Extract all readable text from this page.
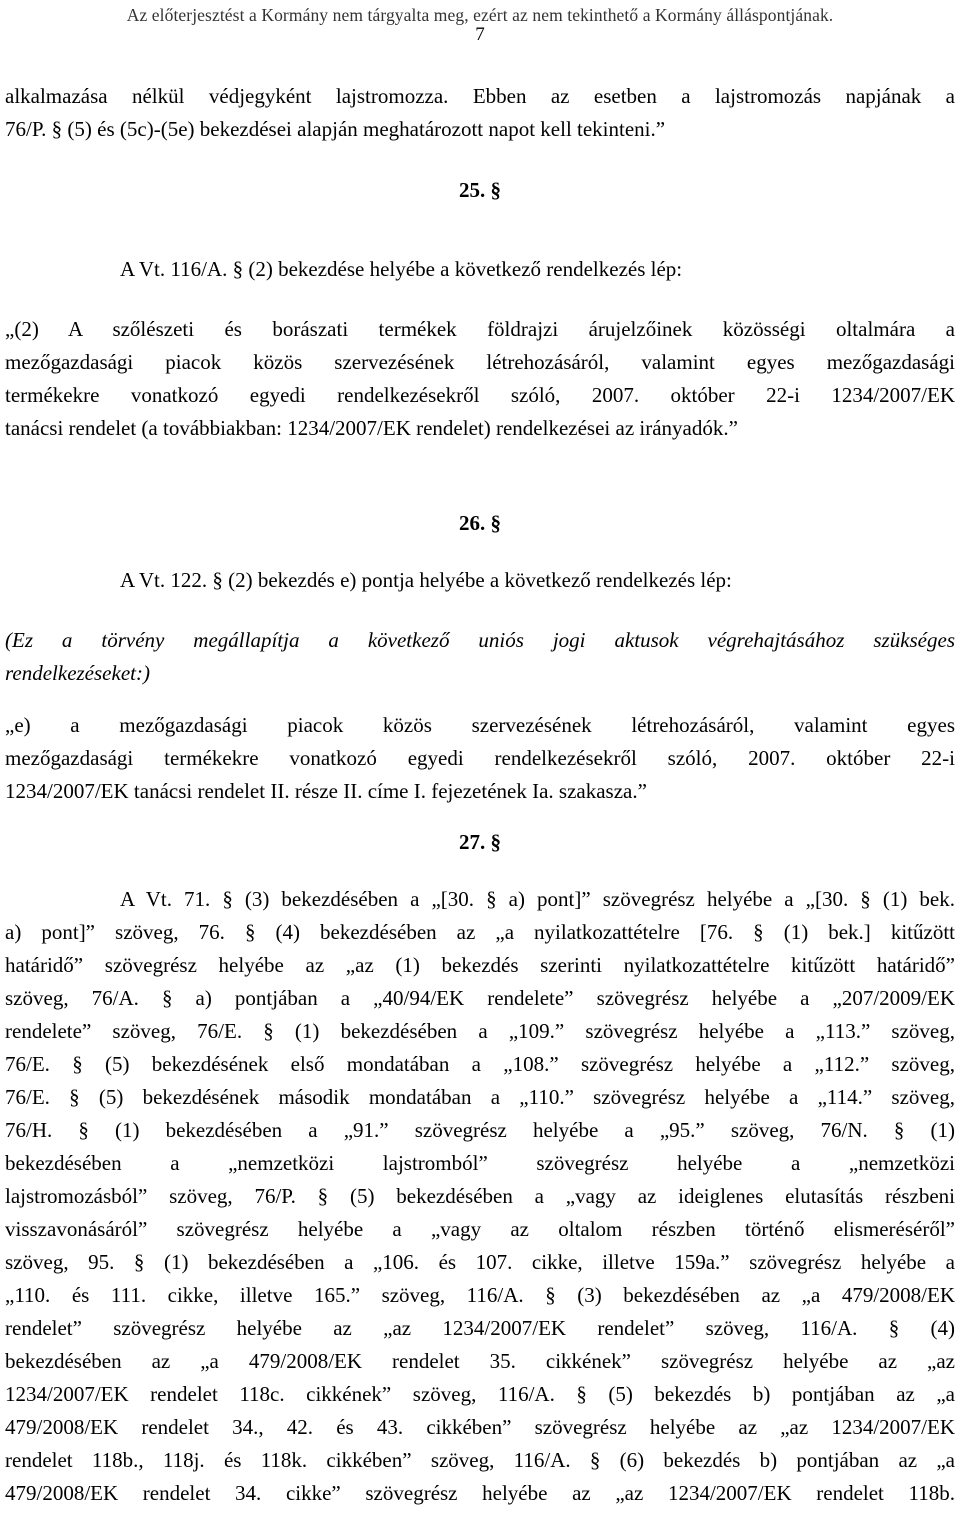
Az előterjesztést a Kormány nem tárgyalta meg, ezért az nem tekinthető a Kormány álláspontjának.
7
alkalmazása nélkül védjegyként lajstromozza. Ebben az esetben a lajstromozás napjának a
76/P. § (5) és (5c)-(5e) bekezdései alapján meghatározott napot kell tekinteni.”
25. §
A Vt. 116/A. § (2) bekezdése helyébe a következő rendelkezés lép:
„(2) A szőlészeti és borászati termékek földrajzi árujelzőinek közösségi oltalmára a
mezőgazdasági piacok közös szervezésének létrehozásáról, valamint egyes mezőgazdasági
termékekre vonatkozó egyedi rendelkezésekről szóló, 2007. október 22-i 1234/2007/EK
tanácsi rendelet (a továbbiakban: 1234/2007/EK rendelet) rendelkezései az irányadók.”
26. §
A Vt. 122. § (2) bekezdés e) pontja helyébe a következő rendelkezés lép:
(Ez a törvény megállapítja a következő uniós jogi aktusok végrehajtásához szükséges
rendelkezéseket:)
„e) a mezőgazdasági piacok közös szervezésének létrehozásáról, valamint egyes
mezőgazdasági termékekre vonatkozó egyedi rendelkezésekről szóló, 2007. október 22-i
1234/2007/EK tanácsi rendelet II. része II. címe I. fejezetének Ia. szakasza.”
27. §
A Vt. 71. § (3) bekezdésében a „[30. § a) pont]” szövegrész helyébe a „[30. § (1) bek.
a) pont]” szöveg, 76. § (4) bekezdésében az „a nyilatkozattételre [76. § (1) bek.] kitűzött
határidő” szövegrész helyébe az „az (1) bekezdés szerinti nyilatkozattételre kitűzött határidő”
szöveg, 76/A. § a) pontjában a „40/94/EK rendelete” szövegrész helyébe a „207/2009/EK
rendelete” szöveg, 76/E. § (1) bekezdésében a „109.” szövegrész helyébe a „113.” szöveg,
76/E. § (5) bekezdésének első mondatában a „108.” szövegrész helyébe a „112.” szöveg,
76/E. § (5) bekezdésének második mondatában a „110.” szövegrész helyébe a „114.” szöveg,
76/H. § (1) bekezdésében a „91.” szövegrész helyébe a „95.” szöveg, 76/N. § (1)
bekezdésében a „nemzetközi lajstromból” szövegrész helyébe a „nemzetközi
lajstromozásból” szöveg, 76/P. § (5) bekezdésében a „vagy az ideiglenes elutasítás részbeni
visszavonásáról” szövegrész helyébe a „vagy az oltalom részben történő elismeréséről”
szöveg, 95. § (1) bekezdésében a „106. és 107. cikke, illetve 159a.” szövegrész helyébe a
„110. és 111. cikke, illetve 165.” szöveg, 116/A. § (3) bekezdésében az „a 479/2008/EK
rendelet” szövegrész helyébe az „az 1234/2007/EK rendelet” szöveg, 116/A. § (4)
bekezdésében az „a 479/2008/EK rendelet 35. cikkének” szövegrész helyébe az „az
1234/2007/EK rendelet 118c. cikkének” szöveg, 116/A. § (5) bekezdés b) pontjában az „a
479/2008/EK rendelet 34., 42. és 43. cikkében” szövegrész helyébe az „az 1234/2007/EK
rendelet 118b., 118j. és 118k. cikkében” szöveg, 116/A. § (6) bekezdés b) pontjában az „a
479/2008/EK rendelet 34. cikke” szövegrész helyébe az „az 1234/2007/EK rendelet 118b.
